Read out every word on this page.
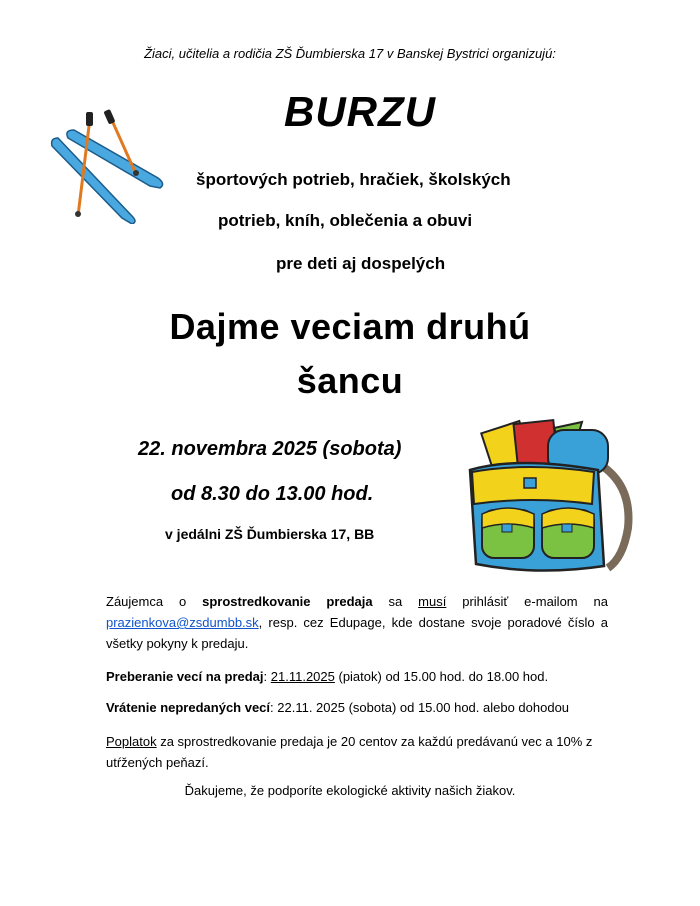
Žiaci, učitelia a rodičia ZŠ Ďumbierska 17 v Banskej Bystrici organizujú:
BURZU
športových potrieb, hračiek, školských
potrieb, kníh, oblečenia a obuvi
pre deti aj dospelých
Dajme veciam druhú
šancu
22. novembra 2025 (sobota)
od 8.30 do 13.00 hod.
v jedálni ZŠ Ďumbierska 17, BB
Záujemca o sprostredkovanie predaja sa musí prihlásiť e-mailom na prazienkova@zsdumbb.sk, resp. cez Edupage, kde dostane svoje poradové číslo a všetky pokyny k predaju.
Preberanie vecí na predaj: 21.11.2025 (piatok) od 15.00 hod. do 18.00 hod.
Vrátenie nepredaných vecí: 22.11. 2025 (sobota) od 15.00 hod. alebo dohodou
Poplatok za sprostredkovanie predaja je 20 centov za každú predávanú vec a 10% z utŕžených peňazí.
Ďakujeme, že podporíte ekologické aktivity našich žiakov.
